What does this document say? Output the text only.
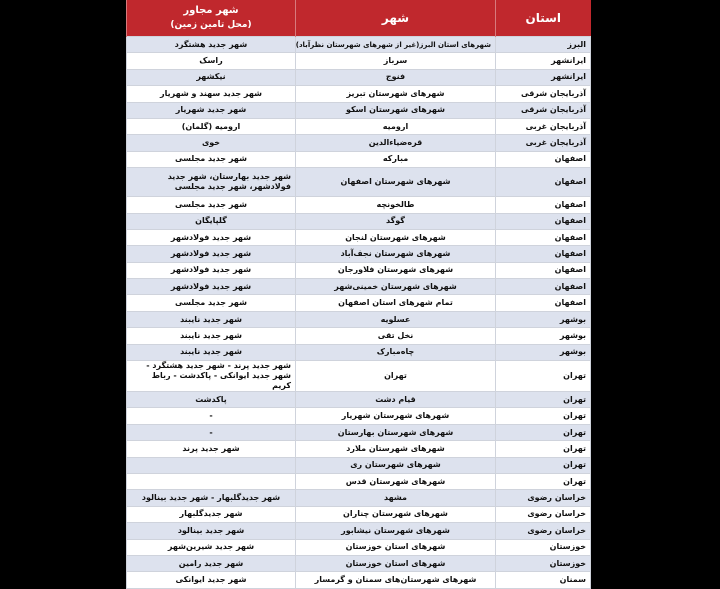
استان	شهر	شهر مجاور
(محل تامین زمین)

البرز	شهرهای استان البرز(غیر از شهرهای شهرستان نظرآباد)	شهر جدید هشتگرد
ایرانشهر	سرباز	راسک
ایرانشهر	فنوج	نیکشهر
آذربایجان شرقی	شهرهای شهرستان تبریز	شهر جدید سهند و شهریار
آذربایجان شرقی	شهرهای شهرستان اسکو	شهر جدید شهریار
آذربایجان غربی	ارومیه	ارومیه (گلمان)
آذربایجان غربی	قره‌ضیاءالدین	خوی
اصفهان	مبارکه	شهر جدید مجلسی
اصفهان	شهرهای شهرستان اصفهان	شهر جدید بهارستان، شهر جدید فولادشهر، شهر جدید مجلسی
اصفهان	طالخونچه	شهر جدید مجلسی
اصفهان	گوگد	گلپایگان
اصفهان	شهرهای شهرستان لنجان	شهر جدید فولادشهر
اصفهان	شهرهای شهرستان نجف‌آباد	شهر جدید فولادشهر
اصفهان	شهرهای شهرستان فلاورجان	شهر جدید فولادشهر
اصفهان	شهرهای شهرستان خمینی‌شهر	شهر جدید فولادشهر
اصفهان	تمام شهرهای استان اصفهان	شهر جدید مجلسی
بوشهر	عسلویه	شهر جدید نایبند
بوشهر	نخل تقی	شهر جدید نایبند
بوشهر	چاه‌مبارک	شهر جدید نایبند
تهران	تهران	شهر جدید پرند - شهر جدید هشتگرد - شهر جدید ایوانکی - پاکدشت - رباط کریم
تهران	قیام دشت	پاکدشت
تهران	شهرهای شهرستان شهریار	-
تهران	شهرهای شهرستان بهارستان	-
تهران	شهرهای شهرستان ملارد	شهر جدید پرند
تهران	شهرهای شهرستان ری	
تهران	شهرهای شهرستان قدس	
خراسان رضوی	مشهد	شهر جدیدگلبهار - شهر جدید بینالود
خراسان رضوی	شهرهای شهرستان چناران	شهر جدیدگلبهار
خراسان رضوی	شهرهای شهرستان نیشابور	شهر جدید بینالود
خوزستان	شهرهای استان خوزستان	شهر جدید شیرین‌شهر
خوزستان	شهرهای استان خوزستان	شهر جدید رامین
سمنان	شهرهای شهرستان‌های سمنان و گرمسار	شهر جدید ایوانکی
